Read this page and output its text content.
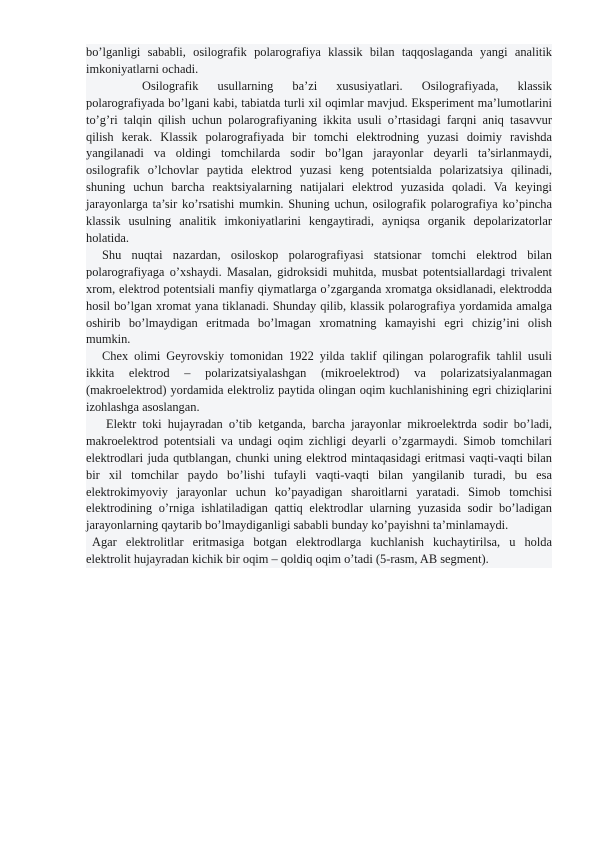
bo’lganligi sababli, osilografik polarografiya klassik bilan taqqoslaganda yangi analitik imkoniyatlarni ochadi.

Osilografik usullarning ba’zi xususiyatlari. Osilografiyada, klassik polarografiyada bo’lgani kabi, tabiatda turli xil oqimlar mavjud. Eksperiment ma’lumotlarini to’g’ri talqin qilish uchun polarografiyaning ikkita usuli o’rtasidagi farqni aniq tasavvur qilish kerak. Klassik polarografiyada bir tomchi elektrodning yuzasi doimiy ravishda yangilanadi va oldingi tomchilarda sodir bo’lgan jarayonlar deyarli ta’sirlanmaydi, osilografik o’lchovlar paytida elektrod yuzasi keng potentsialda polarizatsiya qilinadi, shuning uchun barcha reaktsiyalarning natijalari elektrod yuzasida qoladi. Va keyingi jarayonlarga ta’sir ko’rsatishi mumkin. Shuning uchun, osilografik polarografiya ko’pincha klassik usulning analitik imkoniyatlarini kengaytiradi, ayniqsa organik depolarizatorlar holatida.

Shu nuqtai nazardan, osiloskop polarografiyasi statsionar tomchi elektrod bilan polarografiyaga o’xshaydi. Masalan, gidroksidi muhitda, musbat potentsiallardagi trivalent xrom, elektrod potentsiali manfiy qiymatlarga o’zgarganda xromatga oksidlanadi, elektrodda hosil bo’lgan xromat yana tiklanadi. Shunday qilib, klassik polarografiya yordamida amalga oshirib bo’lmaydigan eritmada bo’lmagan xromatning kamayishi egri chizig’ini olish mumkin.

Chex olimi Geyrovskiy tomonidan 1922 yilda taklif qilingan polarografik tahlil usuli ikkita elektrod – polarizatsiyalashgan (mikroelektrod) va polarizatsiyalanmagan (makroelektrod) yordamida elektroliz paytida olingan oqim kuchlanishining egri chiziqlarini izohlashga asoslangan.

Elektr toki hujayradan o’tib ketganda, barcha jarayonlar mikroelektrda sodir bo’ladi, makroelektrod potentsiali va undagi oqim zichligi deyarli o’zgarmaydi. Simob tomchilari elektrodlari juda qutblangan, chunki uning elektrod mintaqasidagi eritmasi vaqti-vaqti bilan bir xil tomchilar paydo bo’lishi tufayli vaqti-vaqti bilan yangilanib turadi, bu esa elektrokimyoviy jarayonlar uchun ko’payadigan sharoitlarni yaratadi. Simob tomchisi elektrodining o’rniga ishlatiladigan qattiq elektrodlar ularning yuzasida sodir bo’ladigan jarayonlarning qaytarib bo’lmaydiganligi sababli bunday ko’payishni ta’minlamaydi.

Agar elektrolitlar eritmasiga botgan elektrodlarga kuchlanish kuchaytirilsa, u holda elektrolit hujayradan kichik bir oqim – qoldiq oqim o’tadi (5-rasm, AB segment).
